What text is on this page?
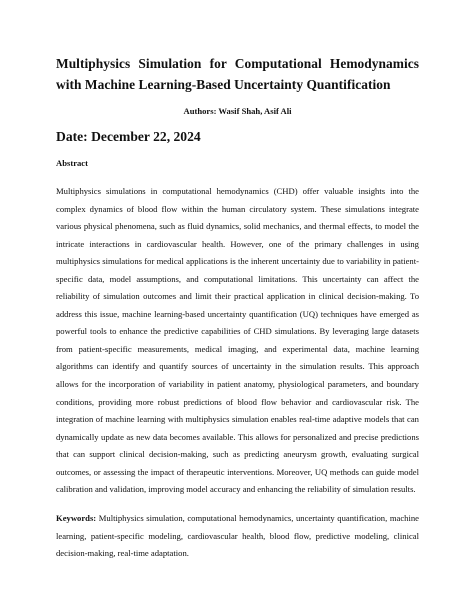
Multiphysics Simulation for Computational Hemodynamics with Machine Learning-Based Uncertainty Quantification
Authors: Wasif Shah, Asif Ali
Date: December 22, 2024
Abstract

Multiphysics simulations in computational hemodynamics (CHD) offer valuable insights into the complex dynamics of blood flow within the human circulatory system. These simulations integrate various physical phenomena, such as fluid dynamics, solid mechanics, and thermal effects, to model the intricate interactions in cardiovascular health. However, one of the primary challenges in using multiphysics simulations for medical applications is the inherent uncertainty due to variability in patient-specific data, model assumptions, and computational limitations. This uncertainty can affect the reliability of simulation outcomes and limit their practical application in clinical decision-making. To address this issue, machine learning-based uncertainty quantification (UQ) techniques have emerged as powerful tools to enhance the predictive capabilities of CHD simulations. By leveraging large datasets from patient-specific measurements, medical imaging, and experimental data, machine learning algorithms can identify and quantify sources of uncertainty in the simulation results. This approach allows for the incorporation of variability in patient anatomy, physiological parameters, and boundary conditions, providing more robust predictions of blood flow behavior and cardiovascular risk. The integration of machine learning with multiphysics simulation enables real-time adaptive models that can dynamically update as new data becomes available. This allows for personalized and precise predictions that can support clinical decision-making, such as predicting aneurysm growth, evaluating surgical outcomes, or assessing the impact of therapeutic interventions. Moreover, UQ methods can guide model calibration and validation, improving model accuracy and enhancing the reliability of simulation results.

Keywords: Multiphysics simulation, computational hemodynamics, uncertainty quantification, machine learning, patient-specific modeling, cardiovascular health, blood flow, predictive modeling, clinical decision-making, real-time adaptation.
